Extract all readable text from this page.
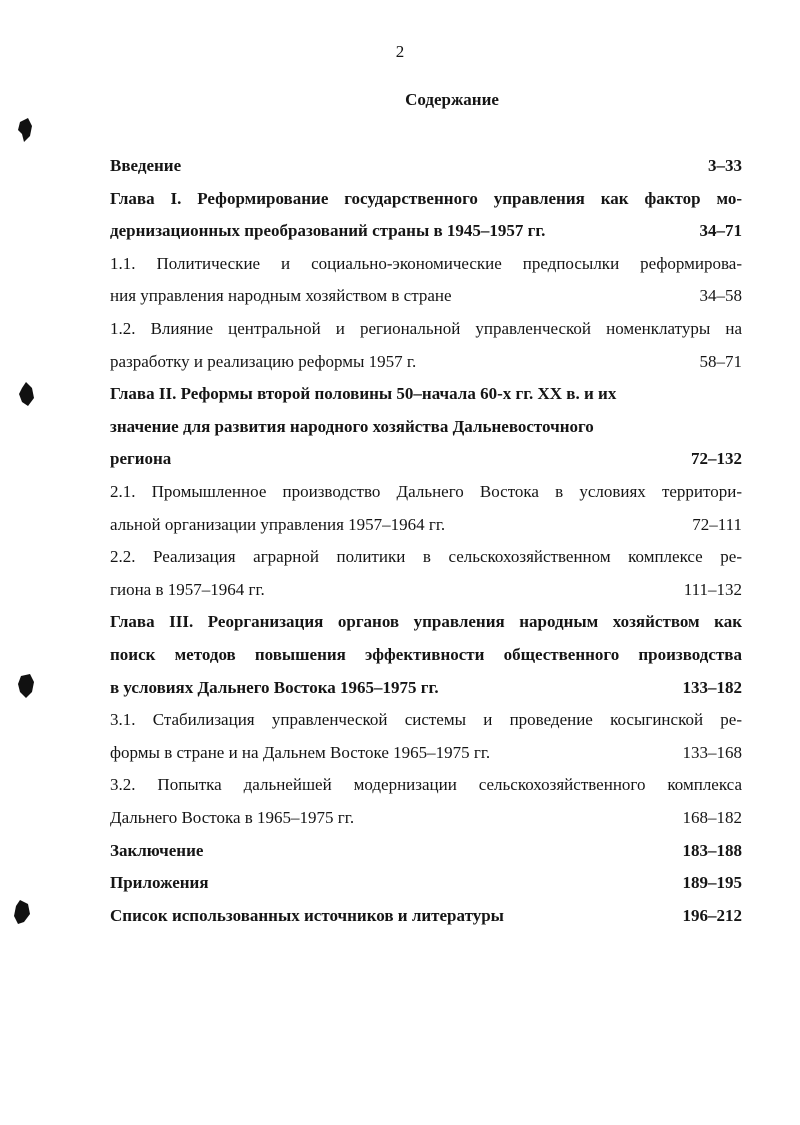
2
Содержание
Введение	3–33
Глава I. Реформирование государственного управления как фактор мо-
дернизационных преобразований страны в 1945–1957 гг.	34–71
1.1. Политические и социально-экономические предпосылки реформирова-
ния управления народным хозяйством в стране	34–58
1.2. Влияние центральной и региональной управленческой номенклатуры на
разработку и реализацию реформы 1957 г.	58–71
Глава II. Реформы второй половины 50–начала 60-х гг. XX в. и их
значение для развития народного хозяйства Дальневосточного
региона	72–132
2.1. Промышленное производство Дальнего Востока в условиях территори-
альной организации управления 1957–1964 гг.	72–111
2.2. Реализация аграрной политики в сельскохозяйственном комплексе ре-
гиона в 1957–1964 гг.	111–132
Глава III. Реорганизация органов управления народным хозяйством как
поиск методов повышения эффективности общественного производства
в условиях Дальнего Востока 1965–1975 гг.	133–182
3.1. Стабилизация управленческой системы и проведение косыгинской ре-
формы в стране и на Дальнем Востоке 1965–1975 гг.	133–168
3.2. Попытка дальнейшей модернизации сельскохозяйственного комплекса
Дальнего Востока в 1965–1975 гг.	168–182
Заключение	183–188
Приложения	189–195
Список использованных источников и литературы	196–212
